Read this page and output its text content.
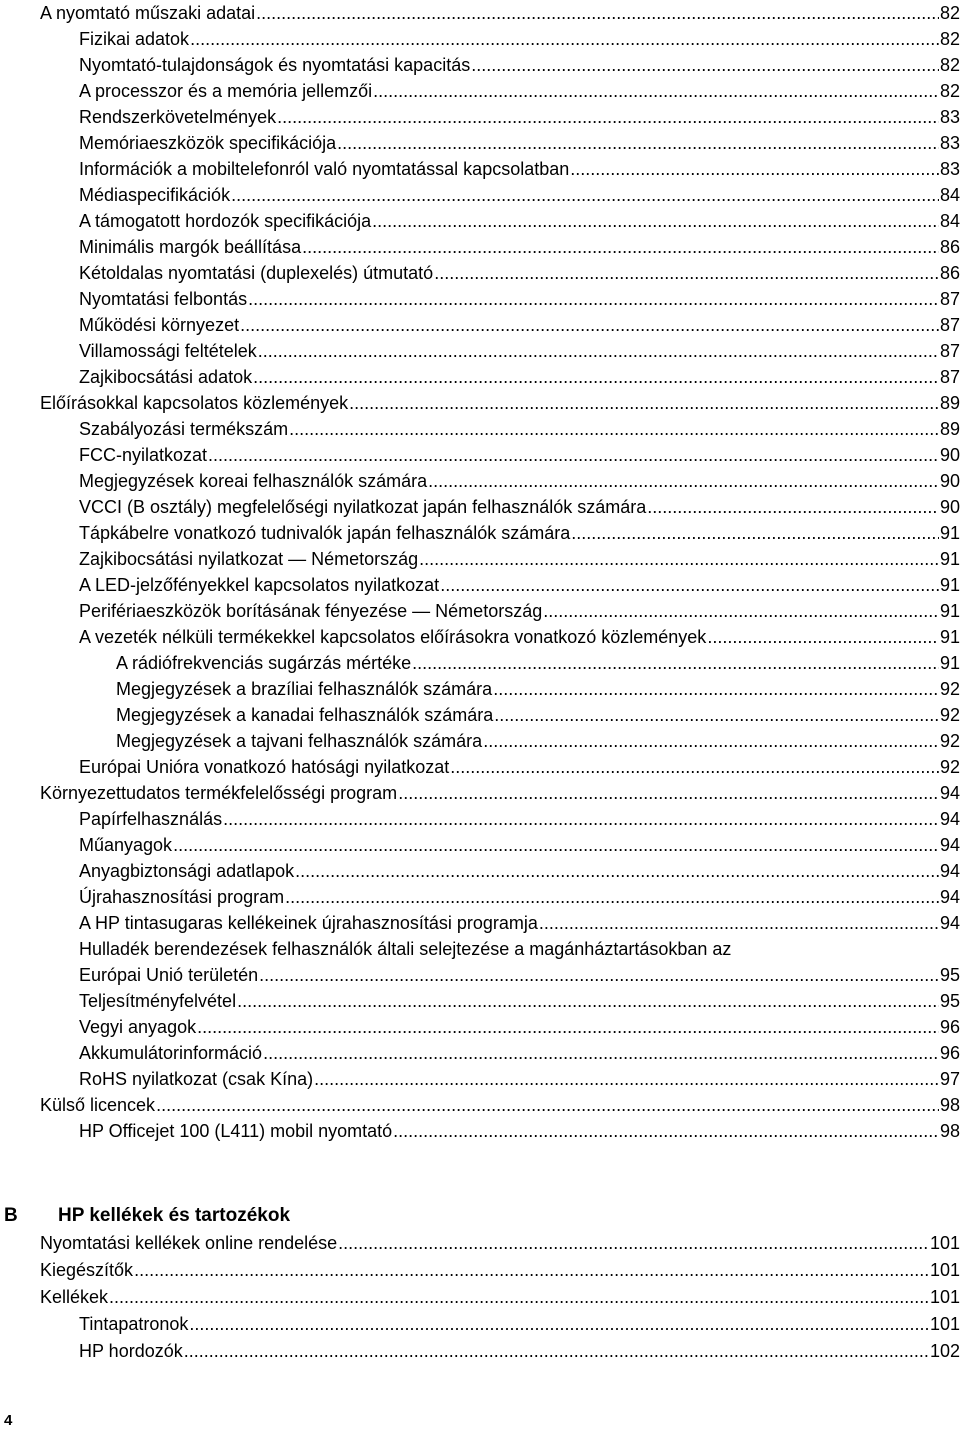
A nyomtató műszaki adatai .....	82
Fizikai adatok .....	82
Nyomtató-tulajdonságok és nyomtatási kapacitás .....	82
A processzor és a memória jellemzői .....	82
Rendszerkövetelmények .....	83
Memóriaeszközök specifikációja .....	83
Információk a mobiltelefonról való nyomtatással kapcsolatban .....	83
Médiaspecifikációk .....	84
A támogatott hordozók specifikációja .....	84
Minimális margók beállítása .....	86
Kétoldalas nyomtatási (duplexelés) útmutató .....	86
Nyomtatási felbontás .....	87
Működési környezet .....	87
Villamossági feltételek .....	87
Zajkibocsátási adatok .....	87
Előírásokkal kapcsolatos közlemények .....	89
Szabályozási termékszám .....	89
FCC-nyilatkozat .....	90
Megjegyzések koreai felhasználók számára .....	90
VCCI (B osztály) megfelelőségi nyilatkozat japán felhasználók számára .....	90
Tápkábelre vonatkozó tudnivalók japán felhasználók számára .....	91
Zajkibocsátási nyilatkozat — Németország .....	91
A LED-jelzőfényekkel kapcsolatos nyilatkozat .....	91
Perifériaeszközök borításának fényezése — Németország .....	91
A vezeték nélküli termékekkel kapcsolatos előírásokra vonatkozó közlemények .....	91
A rádiófrekvenciás sugárzás mértéke .....	91
Megjegyzések a brazíliai felhasználók számára .....	92
Megjegyzések a kanadai felhasználók számára .....	92
Megjegyzések a tajvani felhasználók számára .....	92
Európai Unióra vonatkozó hatósági nyilatkozat .....	92
Környezettudatos termékfelelősségi program .....	94
Papírfelhasználás .....	94
Műanyagok .....	94
Anyagbiztonsági adatlapok .....	94
Újrahasznosítási program .....	94
A HP tintasugaras kellékeinek újrahasznosítási programja .....	94
Hulladék berendezések felhasználók általi selejtezése a magánháztartásokban az
Európai Unió területén .....	95
Teljesítményfelvétel .....	95
Vegyi anyagok .....	96
Akkumulátorinformáció .....	96
RoHS nyilatkozat (csak Kína) .....	97
Külső licencek .....	98
HP Officejet 100 (L411) mobil nyomtató .....	98
Nyomtatási kellékek online rendelése .....	101
Kiegészítők .....	101
Kellékek .....	101
Tintapatronok .....	101
HP hordozók .....	102
B HP kellékek és tartozékok
4
